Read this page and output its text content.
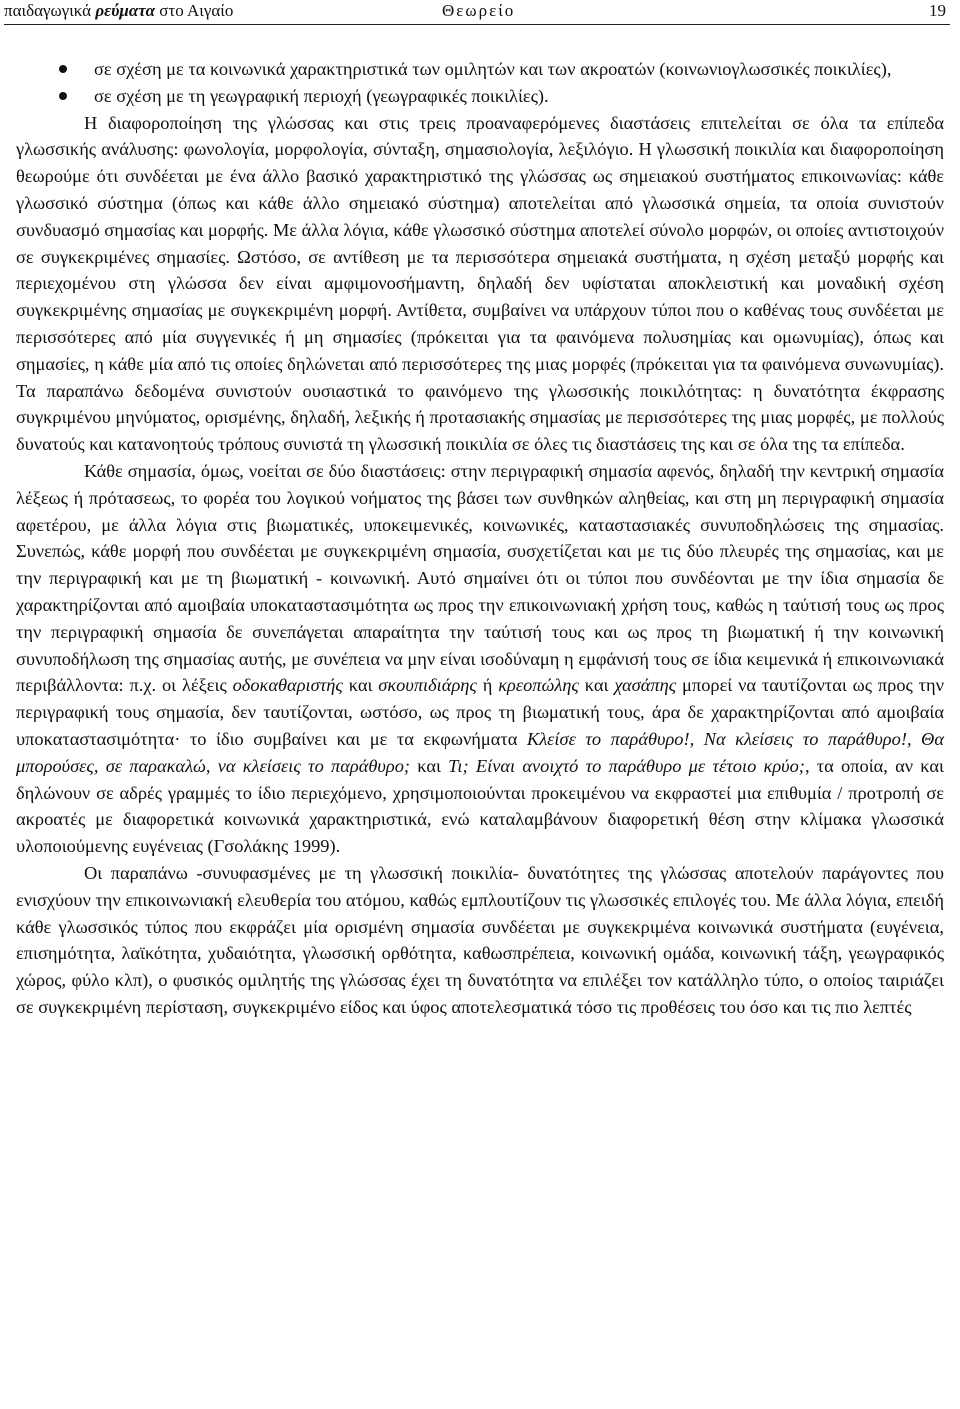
παιδαγωγικά ρεύματα στο Αιγαίο	Θεωρείο	19
σε σχέση με τα κοινωνικά χαρακτηριστικά των ομιλητών και των ακροατών (κοινωνιογλωσσικές ποικιλίες),
σε σχέση με τη γεωγραφική περιοχή (γεωγραφικές ποικιλίες).

Η διαφοροποίηση της γλώσσας και στις τρεις προαναφερόμενες διαστάσεις επιτελείται σε όλα τα επίπεδα γλωσσικής ανάλυσης: φωνολογία, μορφολογία, σύνταξη, σημασιολογία, λεξιλόγιο. Η γλωσσική ποικιλία και διαφοροποίηση θεωρούμε ότι συνδέεται με ένα άλλο βασικό χαρακτηριστικό της γλώσσας ως σημειακού συστήματος επικοινωνίας: κάθε γλωσσικό σύστημα (όπως και κάθε άλλο σημειακό σύστημα) αποτελείται από γλωσσικά σημεία, τα οποία συνιστούν συνδυασμό σημασίας και μορφής. Με άλλα λόγια, κάθε γλωσσικό σύστημα αποτελεί σύνολο μορφών, οι οποίες αντιστοιχούν σε συγκεκριμένες σημασίες. Ωστόσο, σε αντίθεση με τα περισσότερα σημειακά συστήματα, η σχέση μεταξύ μορφής και περιεχομένου στη γλώσσα δεν είναι αμφιμονοσήμαντη, δηλαδή δεν υφίσταται αποκλειστική και μοναδική σχέση συγκεκριμένης σημασίας με συγκεκριμένη μορφή. Αντίθετα, συμβαίνει να υπάρχουν τύποι που ο καθένας τους συνδέεται με περισσότερες από μία συγγενικές ή μη σημασίες (πρόκειται για τα φαινόμενα πολυσημίας και ομωνυμίας), όπως και σημασίες, η κάθε μία από τις οποίες δηλώνεται από περισσότερες της μιας μορφές (πρόκειται για τα φαινόμενα συνωνυμίας). Τα παραπάνω δεδομένα συνιστούν ουσιαστικά το φαινόμενο της γλωσσικής ποικιλότητας: η δυνατότητα έκφρασης συγκριμένου μηνύματος, ορισμένης, δηλαδή, λεξικής ή προτασιακής σημασίας με περισσότερες της μιας μορφές, με πολλούς δυνατούς και κατανοητούς τρόπους συνιστά τη γλωσσική ποικιλία σε όλες τις διαστάσεις της και σε όλα της τα επίπεδα.

Κάθε σημασία, όμως, νοείται σε δύο διαστάσεις: στην περιγραφική σημασία αφενός, δηλαδή την κεντρική σημασία λέξεως ή πρότασεως, το φορέα του λογικού νοήματος της βάσει των συνθηκών αληθείας, και στη μη περιγραφική σημασία αφετέρου, με άλλα λόγια στις βιωματικές, υποκειμενικές, κοινωνικές, καταστασιακές συνυποδηλώσεις της σημασίας. Συνεπώς, κάθε μορφή που συνδέεται με συγκεκριμένη σημασία, συσχετίζεται και με τις δύο πλευρές της σημασίας, και με την περιγραφική και με τη βιωματική - κοινωνική. Αυτό σημαίνει ότι οι τύποι που συνδέονται με την ίδια σημασία δε χαρακτηρίζονται από αμοιβαία υποκαταστασιμότητα ως προς την επικοινωνιακή χρήση τους, καθώς η ταύτισή τους ως προς την περιγραφική σημασία δε συνεπάγεται απαραίτητα την ταύτισή τους και ως προς τη βιωματική ή την κοινωνική συνυποδήλωση της σημασίας αυτής, με συνέπεια να μην είναι ισοδύναμη η εμφάνισή τους σε ίδια κειμενικά ή επικοινωνιακά περιβάλλοντα: π.χ. οι λέξεις οδοκαθαριστής και σκουπιδιάρης ή κρεοπώλης και χασάπης μπορεί να ταυτίζονται ως προς την περιγραφική τους σημασία, δεν ταυτίζονται, ωστόσο, ως προς τη βιωματική τους, άρα δε χαρακτηρίζονται από αμοιβαία υποκαταστασιμότητα· το ίδιο συμβαίνει και με τα εκφωνήματα Κλείσε το παράθυρο!, Να κλείσεις το παράθυρο!, Θα μπορούσες, σε παρακαλώ, να κλείσεις το παράθυρο; και Τι; Είναι ανοιχτό το παράθυρο με τέτοιο κρύο;, τα οποία, αν και δηλώνουν σε αδρές γραμμές το ίδιο περιεχόμενο, χρησιμοποιούνται προκειμένου να εκφραστεί μια επιθυμία / προτροπή σε ακροατές με διαφορετικά κοινωνικά χαρακτηριστικά, ενώ καταλαμβάνουν διαφορετική θέση στην κλίμακα γλωσσικά υλοποιούμενης ευγένειας (Γσολάκης 1999).

Οι παραπάνω -συνυφασμένες με τη γλωσσική ποικιλία- δυνατότητες της γλώσσας αποτελούν παράγοντες που ενισχύουν την επικοινωνιακή ελευθερία του ατόμου, καθώς εμπλουτίζουν τις γλωσσικές επιλογές του. Με άλλα λόγια, επειδή κάθε γλωσσικός τύπος που εκφράζει μία ορισμένη σημασία συνδέεται με συγκεκριμένα κοινωνικά συστήματα (ευγένεια, επισημότητα, λαϊκότητα, χυδαιότητα, γλωσσική ορθότητα, καθωσπρέπεια, κοινωνική ομάδα, κοινωνική τάξη, γεωγραφικός χώρος, φύλο κλπ), ο φυσικός ομιλητής της γλώσσας έχει τη δυνατότητα να επιλέξει τον κατάλληλο τύπο, ο οποίος ταιριάζει σε συγκεκριμένη περίσταση, συγκεκριμένο είδος και ύφος αποτελεσματικά τόσο τις προθέσεις του όσο και τις πιο λεπτές
